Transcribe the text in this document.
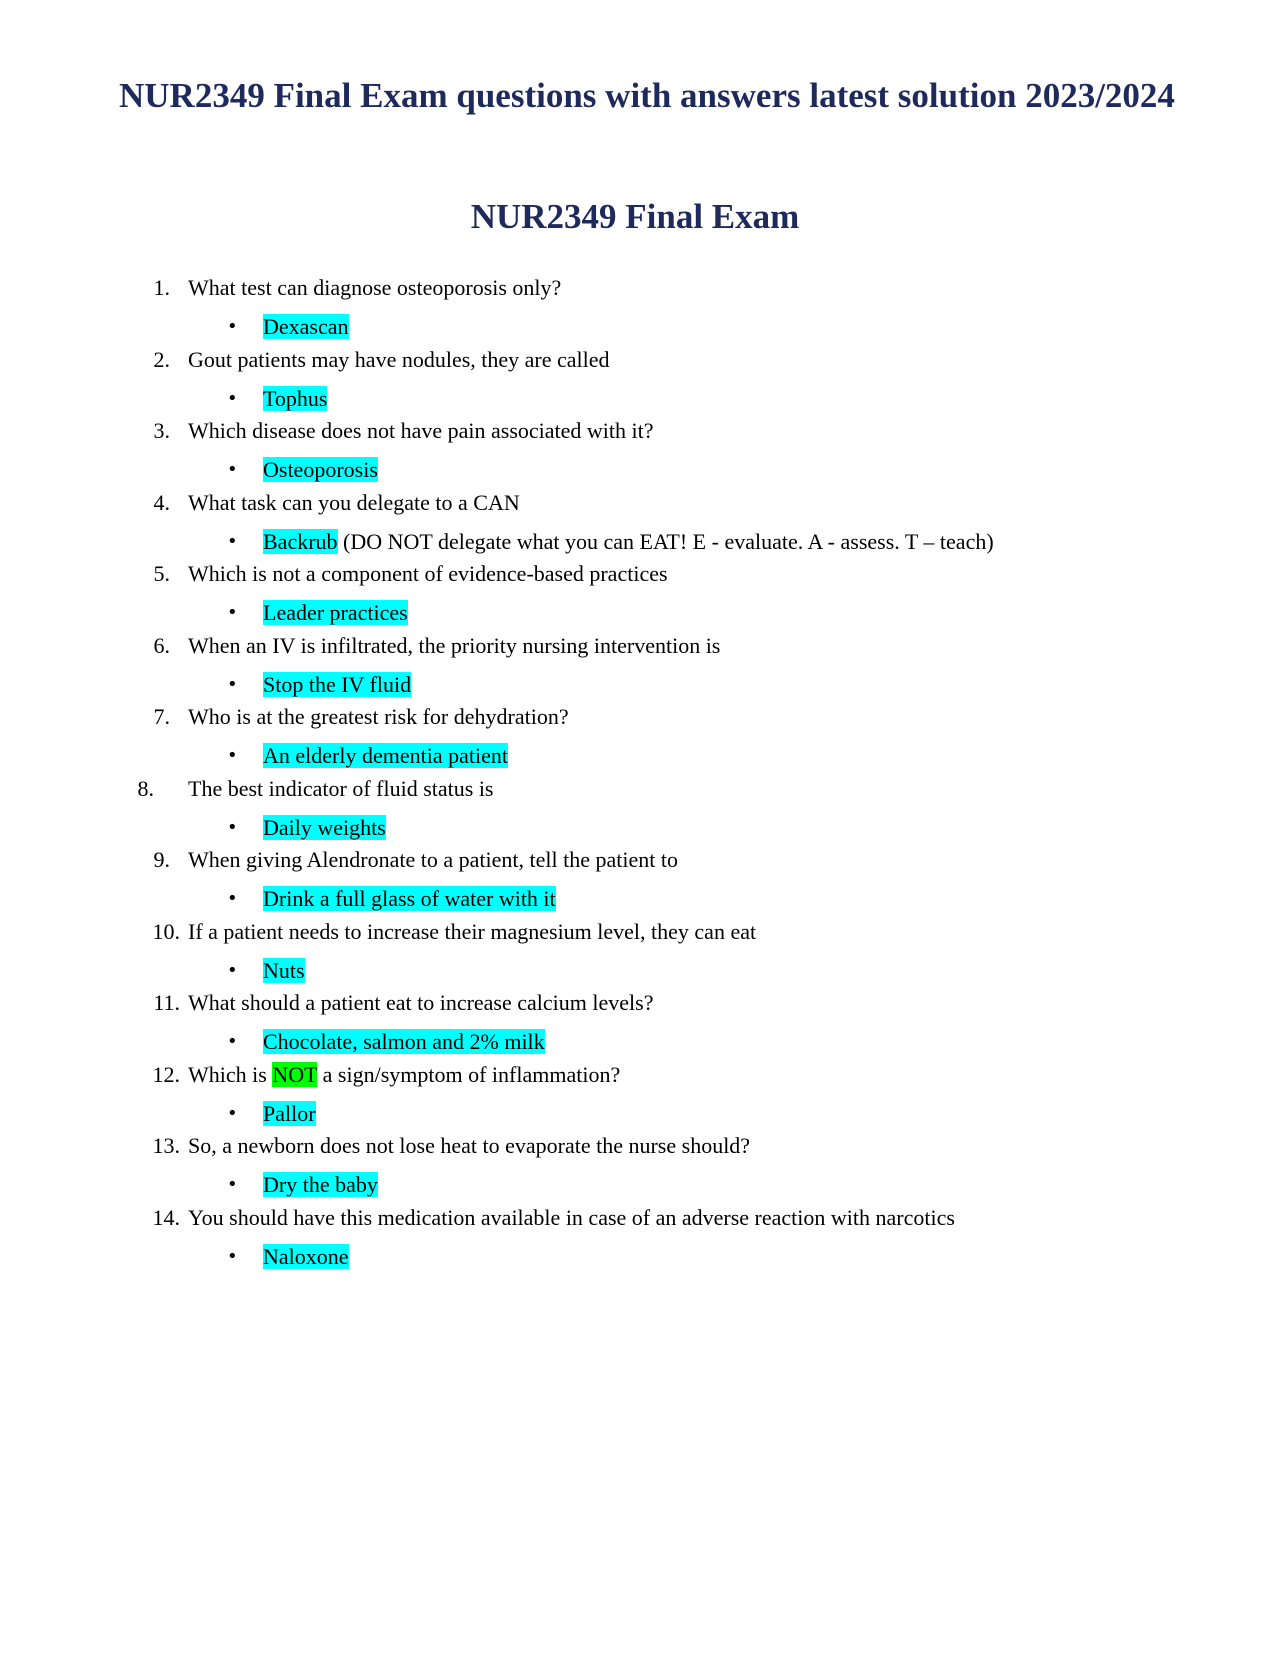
NUR2349 Final Exam questions with answers latest solution 2023/2024
NUR2349 Final Exam
1. What test can diagnose osteoporosis only?
• Dexascan
2. Gout patients may have nodules, they are called
• Tophus
3. Which disease does not have pain associated with it?
• Osteoporosis
4. What task can you delegate to a CAN
• Backrub (DO NOT delegate what you can EAT! E - evaluate. A - assess. T – teach)
5. Which is not a component of evidence-based practices
• Leader practices
6. When an IV is infiltrated, the priority nursing intervention is
• Stop the IV fluid
7. Who is at the greatest risk for dehydration?
• An elderly dementia patient
8. The best indicator of fluid status is
• Daily weights
9. When giving Alendronate to a patient, tell the patient to
• Drink a full glass of water with it
10. If a patient needs to increase their magnesium level, they can eat
• Nuts
11. What should a patient eat to increase calcium levels?
• Chocolate, salmon and 2% milk
12. Which is NOT a sign/symptom of inflammation?
• Pallor
13. So, a newborn does not lose heat to evaporate the nurse should?
• Dry the baby
14. You should have this medication available in case of an adverse reaction with narcotics
• Naloxone
